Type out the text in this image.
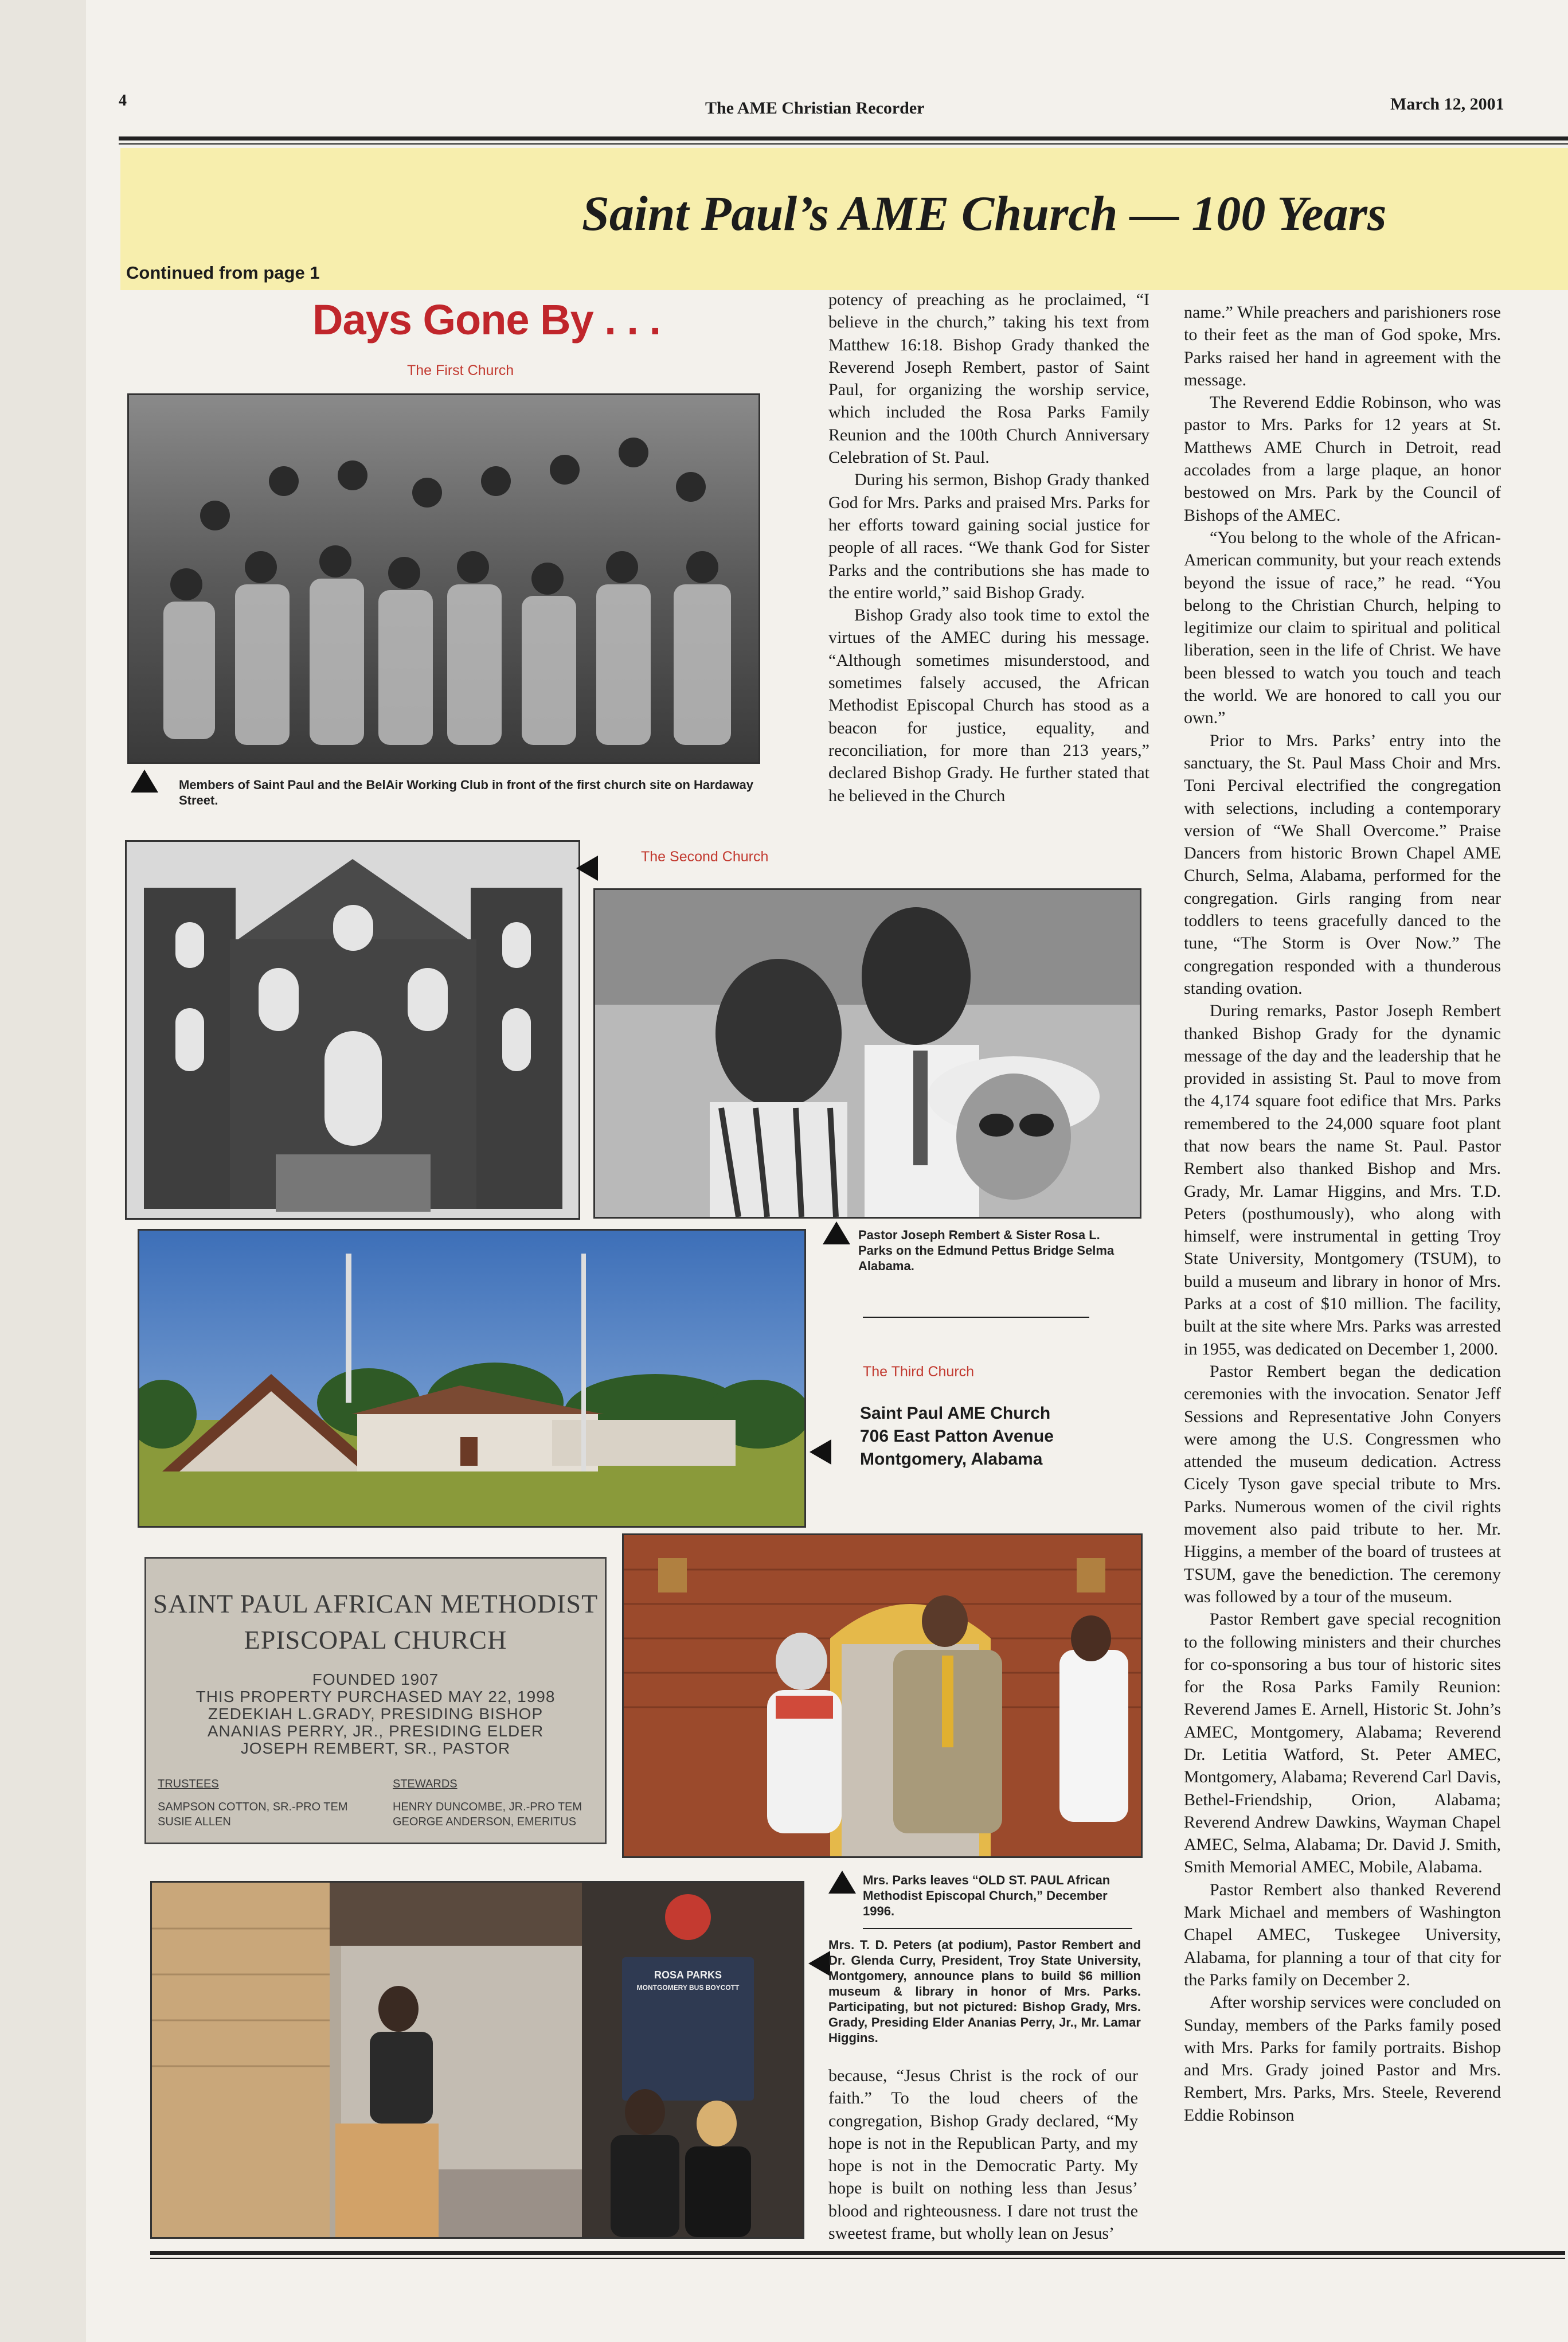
4	The AME Christian Recorder	March 12, 2001
Saint Paul’s AME Church — 100 Years
Continued from page 1
Days Gone By . . .
The First Church
Members of Saint Paul and the BelAir Working Club in front of the first church site on Hardaway Street.
The Second Church
Pastor Joseph Rembert & Sister Rosa L. Parks on the Edmund Pettus Bridge Selma Alabama.
The Third Church
Saint Paul AME Church
706 East Patton Avenue
Montgomery, Alabama
SAINT PAUL AFRICAN METHODIST
EPISCOPAL CHURCH
FOUNDED 1907
THIS PROPERTY PURCHASED MAY 22, 1998
ZEDEKIAH L.GRADY, PRESIDING BISHOP
ANANIAS PERRY, JR., PRESIDING ELDER
JOSEPH REMBERT, SR., PASTOR
TRUSTEES
SAMPSON COTTON, SR.-PRO TEM
SUSIE ALLEN
STEWARDS
HENRY DUNCOMBE, JR.-PRO TEM
GEORGE ANDERSON, EMERITUS
ROSA PARKS
MONTGOMERY BUS BOYCOTT
Mrs. Parks leaves “OLD ST. PAUL African Methodist Episcopal Church,” December 1996.
Mrs. T. D. Peters (at podium), Pastor Rembert and Dr. Glenda Curry, President, Troy State University, Montgomery, announce plans to build $6 million museum & library in honor of Mrs. Parks. Participating, but not pictured: Bishop Grady, Mrs. Grady, Presiding Elder Ananias Perry, Jr., Mr. Lamar Higgins.

potency of preaching as he proclaimed, “I believe in the church,” taking his text from Matthew 16:18. Bishop Grady thanked the Reverend Joseph Rembert, pastor of Saint Paul, for organizing the worship service, which included the Rosa Parks Family Reunion and the 100th Church Anniversary Celebration of St. Paul.

During his sermon, Bishop Grady thanked God for Mrs. Parks and praised Mrs. Parks for her efforts toward gaining social justice for people of all races. “We thank God for Sister Parks and the contributions she has made to the entire world,” said Bishop Grady.

Bishop Grady also took time to extol the virtues of the AMEC during his message. “Although sometimes misunderstood, and sometimes falsely accused, the African Methodist Episcopal Church has stood as a beacon for justice, equality, and reconciliation, for more than 213 years,” declared Bishop Grady. He further stated that he believed in the Church

because, “Jesus Christ is the rock of our faith.” To the loud cheers of the congregation, Bishop Grady declared, “My hope is not in the Republican Party, and my hope is not in the Democratic Party. My hope is built on nothing less than Jesus’ blood and righteousness. I dare not trust the sweetest frame, but wholly lean on Jesus’

name.” While preachers and parishioners rose to their feet as the man of God spoke, Mrs. Parks raised her hand in agreement with the message.

The Reverend Eddie Robinson, who was pastor to Mrs. Parks for 12 years at St. Matthews AME Church in Detroit, read accolades from a large plaque, an honor bestowed on Mrs. Park by the Council of Bishops of the AMEC.

“You belong to the whole of the African-American community, but your reach extends beyond the issue of race,” he read. “You belong to the Christian Church, helping to legitimize our claim to spiritual and political liberation, seen in the life of Christ. We have been blessed to watch you touch and teach the world. We are honored to call you our own.”

Prior to Mrs. Parks’ entry into the sanctuary, the St. Paul Mass Choir and Mrs. Toni Percival electrified the congregation with selections, including a contemporary version of “We Shall Overcome.” Praise Dancers from historic Brown Chapel AME Church, Selma, Alabama, performed for the congregation. Girls ranging from near toddlers to teens gracefully danced to the tune, “The Storm is Over Now.” The congregation responded with a thunderous standing ovation.

During remarks, Pastor Joseph Rembert thanked Bishop Grady for the dynamic message of the day and the leadership that he provided in assisting St. Paul to move from the 4,174 square foot edifice that Mrs. Parks remembered to the 24,000 square foot plant that now bears the name St. Paul. Pastor Rembert also thanked Bishop and Mrs. Grady, Mr. Lamar Higgins, and Mrs. T.D. Peters (posthumously), who along with himself, were instrumental in getting Troy State University, Montgomery (TSUM), to build a museum and library in honor of Mrs. Parks at a cost of $10 million. The facility, built at the site where Mrs. Parks was arrested in 1955, was dedicated on December 1, 2000.

Pastor Rembert began the dedication ceremonies with the invocation. Senator Jeff Sessions and Representative John Conyers were among the U.S. Congressmen who attended the museum dedication. Actress Cicely Tyson gave special tribute to Mrs. Parks. Numerous women of the civil rights movement also paid tribute to her. Mr. Higgins, a member of the board of trustees at TSUM, gave the benediction. The ceremony was followed by a tour of the museum.

Pastor Rembert gave special recognition to the following ministers and their churches for co-sponsoring a bus tour of historic sites for the Rosa Parks Family Reunion: Reverend James E. Arnell, Historic St. John’s AMEC, Montgomery, Alabama; Reverend Dr. Letitia Watford, St. Peter AMEC, Montgomery, Alabama; Reverend Carl Davis, Bethel-Friendship, Orion, Alabama; Reverend Andrew Dawkins, Wayman Chapel AMEC, Selma, Alabama; Dr. David J. Smith, Smith Memorial AMEC, Mobile, Alabama.

Pastor Rembert also thanked Reverend Mark Michael and members of Washington Chapel AMEC, Tuskegee University, Alabama, for planning a tour of that city for the Parks family on December 2.

After worship services were concluded on Sunday, members of the Parks family posed with Mrs. Parks for family portraits. Bishop and Mrs. Grady joined Pastor and Mrs. Rembert, Mrs. Parks, Mrs. Steele, Reverend Eddie Robinson
